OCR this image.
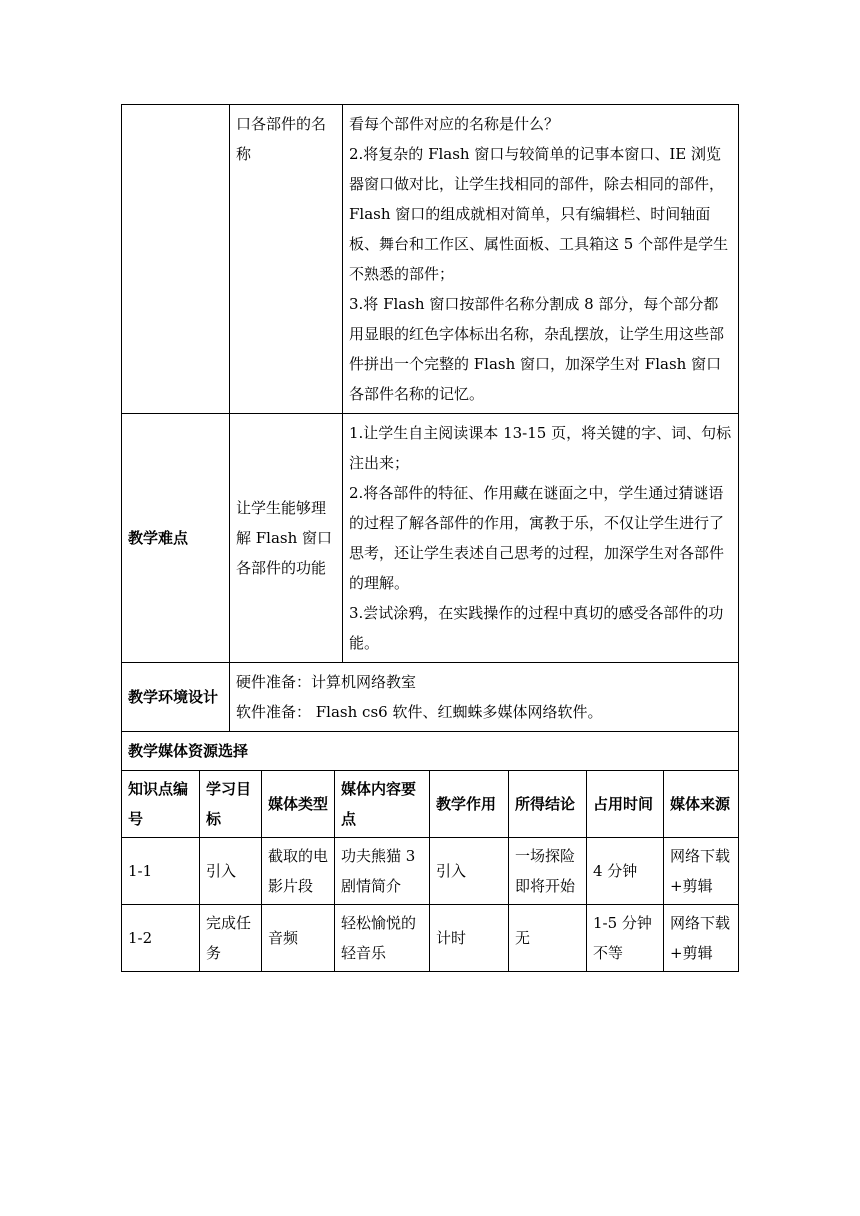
	口各部件的名称	看每个部件对应的名称是什么？

2.将复杂的 Flash 窗口与较简单的记事本窗口、IE 浏览器窗口做对比，让学生找相同的部件，除去相同的部件，Flash 窗口的组成就相对简单，只有编辑栏、时间轴面板、舞台和工作区、属性面板、工具箱这 5 个部件是学生不熟悉的部件；

3.将 Flash 窗口按部件名称分割成 8 部分，每个部分都用显眼的红色字体标出名称，杂乱摆放，让学生用这些部件拼出一个完整的 Flash 窗口，加深学生对 Flash 窗口各部件名称的记忆。

教学难点	让学生能够理解 Flash 窗口各部件的功能	1.让学生自主阅读课本 13-15 页，将关键的字、词、句标注出来；

2.将各部件的特征、作用藏在谜面之中，学生通过猜谜语的过程了解各部件的作用，寓教于乐，不仅让学生进行了思考，还让学生表述自己思考的过程，加深学生对各部件的理解。

3.尝试涂鸦，在实践操作的过程中真切的感受各部件的功能。

教学环境设计	硬件准备：计算机网络教室

软件准备： Flash cs6 软件、红蜘蛛多媒体网络软件。	

教学媒体资源选择		
知识点编号	学习目标	媒体类型	媒体内容要点	教学作用	所得结论	占用时间	媒体来源
1-1	引入	截取的电影片段	功夫熊猫 3 剧情简介	引入	一场探险即将开始	4 分钟	网络下载+剪辑
1-2	完成任务	音频	轻松愉悦的轻音乐	计时	无	1-5 分钟不等	网络下载+剪辑
